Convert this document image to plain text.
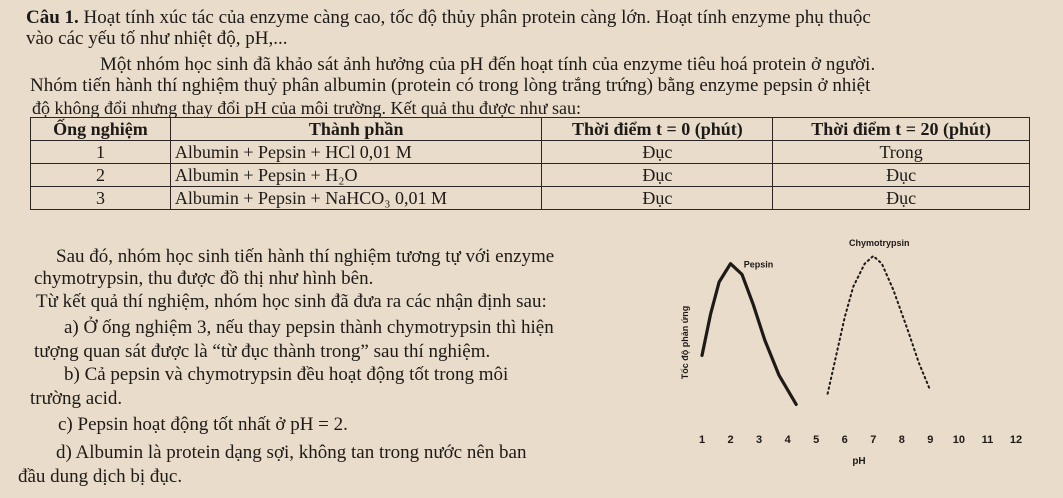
Câu 1. Hoạt tính xúc tác của enzyme càng cao, tốc độ thủy phân protein càng lớn. Hoạt tính enzyme phụ thuộc
vào các yếu tố như nhiệt độ, pH,...
Một nhóm học sinh đã khảo sát ảnh hưởng của pH đến hoạt tính của enzyme tiêu hoá protein ở người.
Nhóm tiến hành thí nghiệm thuỷ phân albumin (protein có trong lòng trắng trứng) bằng enzyme pepsin ở nhiệt
độ không đổi nhưng thay đổi pH của môi trường. Kết quả thu được như sau:
Ống nghiệm	Thành phần	Thời điểm t = 0 (phút)	Thời điểm t = 20 (phút)
1	Albumin + Pepsin + HCl 0,01 M	Đục	Trong
2	Albumin + Pepsin + H₂O	Đục	Đục
3	Albumin + Pepsin + NaHCO₃ 0,01 M	Đục	Đục
Sau đó, nhóm học sinh tiến hành thí nghiệm tương tự với enzyme
chymotrypsin, thu được đồ thị như hình bên.
Từ kết quả thí nghiệm, nhóm học sinh đã đưa ra các nhận định sau:
a) Ở ống nghiệm 3, nếu thay pepsin thành chymotrypsin thì hiện
tượng quan sát được là “từ đục thành trong” sau thí nghiệm.
b) Cả pepsin và chymotrypsin đều hoạt động tốt trong môi
trường acid.
c) Pepsin hoạt động tốt nhất ở pH = 2.
d) Albumin là protein dạng sợi, không tan trong nước nên ban
đầu dung dịch bị đục.
1 2 3 4 5 6 7 8 9 10 11 12
pH
Tốc độ phản ứng
Pepsin
Chymotrypsin
